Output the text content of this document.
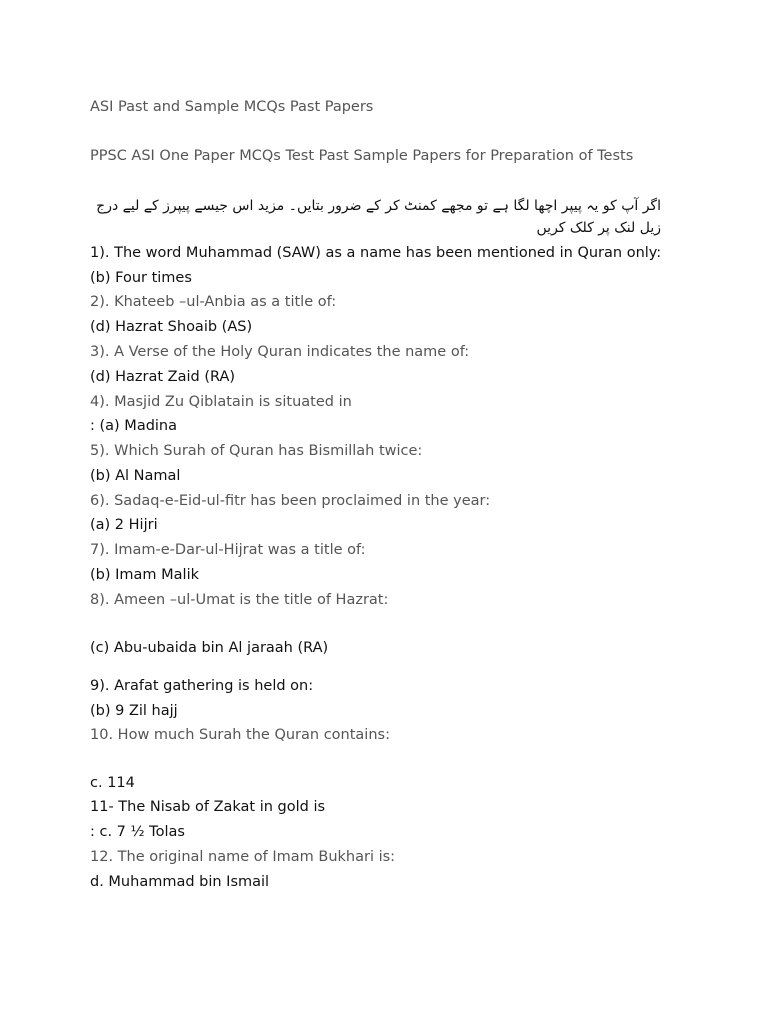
ASI Past and Sample MCQs Past Papers

PPSC ASI One Paper MCQs Test Past Sample Papers for Preparation of Tests

اگر آپ کو یہ پیپر اچھا لگا ہے تو مجھے کمنٹ کر کے ضرور بتایں۔ مزید اس جیسے پیپرز کے لیے درج

زیل لنک پر کلک کریں

1). The word Muhammad (SAW) as a name has been mentioned in Quran only:

(b) Four times

2). Khateeb –ul-Anbia as a title of:

(d) Hazrat Shoaib (AS)

3). A Verse of the Holy Quran indicates the name of:

(d) Hazrat Zaid (RA)

4). Masjid Zu Qiblatain is situated in

: (a) Madina

5). Which Surah of Quran has Bismillah twice:

(b) Al Namal

6). Sadaq-e-Eid-ul-fitr has been proclaimed in the year:

(a) 2 Hijri

7). Imam-e-Dar-ul-Hijrat was a title of:

(b) Imam Malik

8). Ameen –ul-Umat is the title of Hazrat:

(c) Abu-ubaida bin Al jaraah (RA)

9). Arafat gathering is held on:

(b) 9 Zil hajj

10. How much Surah the Quran contains:

c. 114

11- The Nisab of Zakat in gold is

: c. 7 ½ Tolas

12. The original name of Imam Bukhari is:

d. Muhammad bin Ismail
